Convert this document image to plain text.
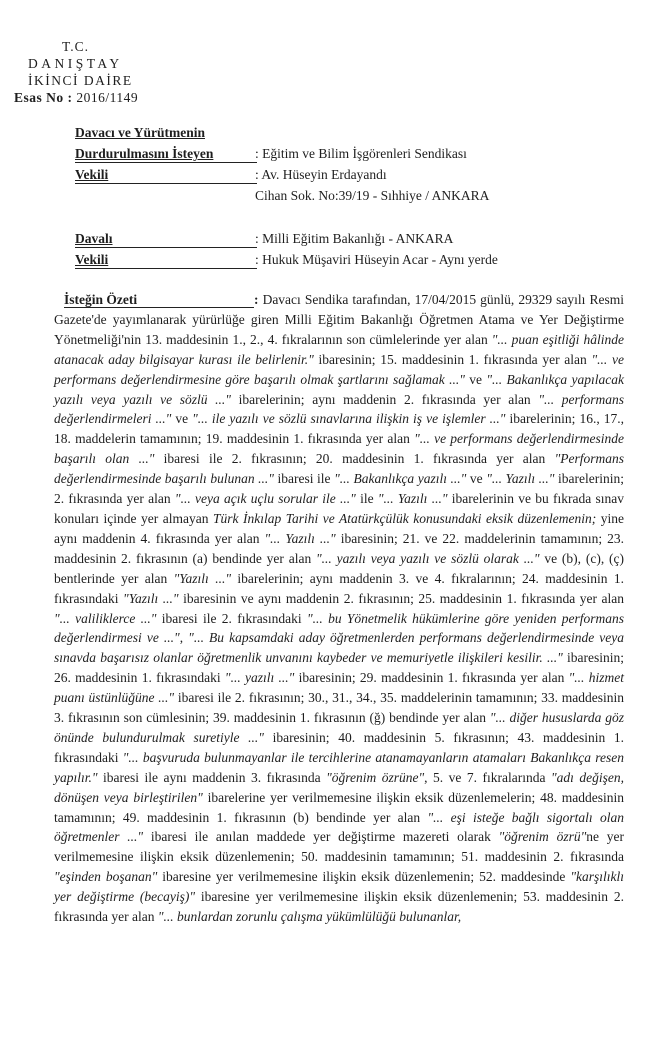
T.C.
DANIŞTAY
İKİNCİ DAİRE
Esas No : 2016/1149
Davacı ve Yürütmenin
Durdurulmasını İsteyen	: Eğitim ve Bilim İşgörenleri Sendikası
Vekili	: Av. Hüseyin Erdayandı
Cihan Sok. No:39/19 - Sıhhiye / ANKARA
Davalı	: Milli Eğitim Bakanlığı - ANKARA
Vekili	: Hukuk Müşaviri Hüseyin Acar - Aynı yerde
İsteğin Özeti	: Davacı Sendika tarafından, 17/04/2015 günlü, 29329 sayılı Resmi Gazete'de yayımlanarak yürürlüğe giren Milli Eğitim Bakanlığı Öğretmen Atama ve Yer Değiştirme Yönetmeliği'nin 13. maddesinin 1., 2., 4. fıkralarının son cümlelerinde yer alan "... puan eşitliği hâlinde atanacak aday bilgisayar kurası ile belirlenir." ibaresinin; 15. maddesinin 1. fıkrasında yer alan "... ve performans değerlendirmesine göre başarılı olmak şartlarını sağlamak ..." ve "... Bakanlıkça yapılacak yazılı veya yazılı ve sözlü ..." ibarelerinin; aynı maddenin 2. fıkrasında yer alan "... performans değerlendirmeleri ..." ve "... ile yazılı ve sözlü sınavlarına ilişkin iş ve işlemler ..." ibarelerinin; 16., 17., 18. maddelerin tamamının; 19. maddesinin 1. fıkrasında yer alan "... ve performans değerlendirmesinde başarılı olan ..." ibaresi ile 2. fıkrasının; 20. maddesinin 1. fıkrasında yer alan "Performans değerlendirmesinde başarılı bulunan ..." ibaresi ile "... Bakanlıkça yazılı ..." ve "... Yazılı ..." ibarelerinin; 2. fıkrasında yer alan "... veya açık uçlu sorular ile ..." ile "... Yazılı ..." ibarelerinin ve bu fıkrada sınav konuları içinde yer almayan Türk İnkılap Tarihi ve Atatürkçülük konusundaki eksik düzenlemenin; yine aynı maddenin 4. fıkrasında yer alan "... Yazılı ..." ibaresinin; 21. ve 22. maddelerinin tamamının; 23. maddesinin 2. fıkrasının (a) bendinde yer alan "... yazılı veya yazılı ve sözlü olarak ..." ve (b), (c), (ç) bentlerinde yer alan "Yazılı ..." ibarelerinin; aynı maddenin 3. ve 4. fıkralarının; 24. maddesinin 1. fıkrasındaki "Yazılı ..." ibaresinin ve aynı maddenin 2. fıkrasının; 25. maddesinin 1. fıkrasında yer alan "... valiliklerce ..." ibaresi ile 2. fıkrasındaki "... bu Yönetmelik hükümlerine göre yeniden performans değerlendirmesi ve ...", "... Bu kapsamdaki aday öğretmenlerden performans değerlendirmesinde veya sınavda başarısız olanlar öğretmenlik unvanını kaybeder ve memuriyetle ilişkileri kesilir. ..." ibaresinin; 26. maddesinin 1. fıkrasındaki "... yazılı ..." ibaresinin; 29. maddesinin 1. fıkrasında yer alan "... hizmet puanı üstünlüğüne ..." ibaresi ile 2. fıkrasının; 30., 31., 34., 35. maddelerinin tamamının; 33. maddesinin 3. fıkrasının son cümlesinin; 39. maddesinin 1. fıkrasının (ğ) bendinde yer alan "... diğer hususlarda göz önünde bulundurulmak suretiyle ..." ibaresinin; 40. maddesinin 5. fıkrasının; 43. maddesinin 1. fıkrasındaki "... başvuruda bulunmayanlar ile tercihlerine atanamayanların atamaları Bakanlıkça resen yapılır." ibaresi ile aynı maddenin 3. fıkrasında "öğrenim özrüne", 5. ve 7. fıkralarında "adı değişen, dönüşen veya birleştirilen" ibarelerine yer verilmemesine ilişkin eksik düzenlemelerin; 48. maddesinin tamamının; 49. maddesinin 1. fıkrasının (b) bendinde yer alan "... eşi isteğe bağlı sigortalı olan öğretmenler ..." ibaresi ile anılan maddede yer değiştirme mazereti olarak "öğrenim özrü"ne yer verilmemesine ilişkin eksik düzenlemenin; 50. maddesinin tamamının; 51. maddesinin 2. fıkrasında "eşinden boşanan" ibaresine yer verilmemesine ilişkin eksik düzenlemenin; 52. maddesinde "karşılıklı yer değiştirme (becayiş)" ibaresine yer verilmemesine ilişkin eksik düzenlemenin; 53. maddesinin 2. fıkrasında yer alan "... bunlardan zorunlu çalışma yükümlülüğü bulunanlar,
